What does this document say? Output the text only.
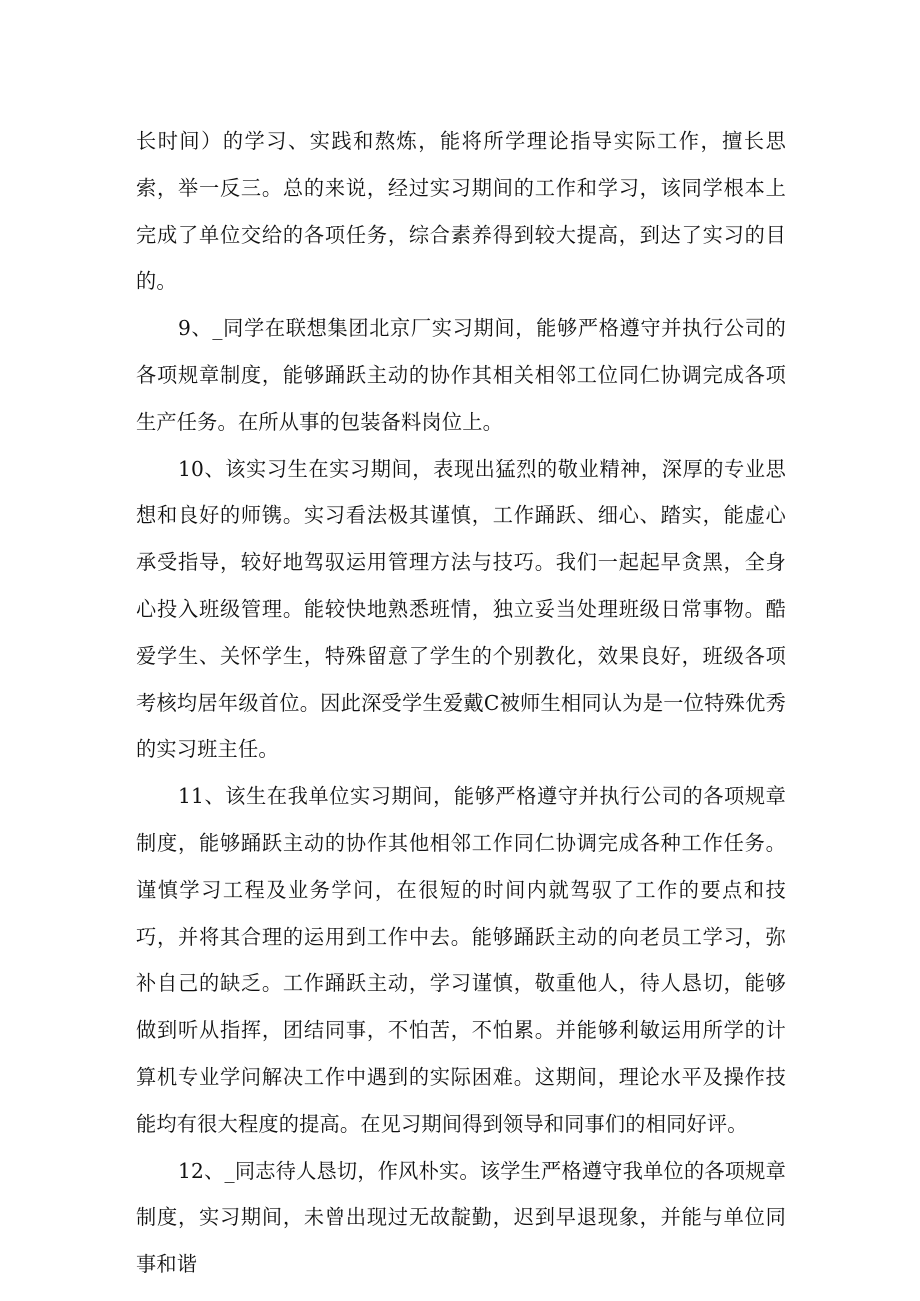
长时间）的学习、实践和熬炼，能将所学理论指导实际工作，擅长思索，举一反三。总的来说，经过实习期间的工作和学习，该同学根本上完成了单位交给的各项任务，综合素养得到较大提高，到达了实习的目的。

9、_同学在联想集团北京厂实习期间，能够严格遵守并执行公司的各项规章制度，能够踊跃主动的协作其相关相邻工位同仁协调完成各项生产任务。在所从事的包装备料岗位上。

10、该实习生在实习期间，表现出猛烈的敬业精神，深厚的专业思想和良好的师镌。实习看法极其谨慎，工作踊跃、细心、踏实，能虚心承受指导，较好地驾驭运用管理方法与技巧。我们一起起早贪黑，全身心投入班级管理。能较快地熟悉班情，独立妥当处理班级日常事物。酷爱学生、关怀学生，特殊留意了学生的个别教化，效果良好，班级各项考核均居年级首位。因此深受学生爱戴C被师生相同认为是一位特殊优秀的实习班主任。

11、该生在我单位实习期间，能够严格遵守并执行公司的各项规章制度，能够踊跃主动的协作其他相邻工作同仁协调完成各种工作任务。谨慎学习工程及业务学问，在很短的时间内就驾驭了工作的要点和技巧，并将其合理的运用到工作中去。能够踊跃主动的向老员工学习，弥补自己的缺乏。工作踊跃主动，学习谨慎，敬重他人，待人恳切，能够做到听从指挥，团结同事，不怕苦，不怕累。并能够利敏运用所学的计算机专业学问解决工作中遇到的实际困难。这期间，理论水平及操作技能均有很大程度的提高。在见习期间得到领导和同事们的相同好评。

12、_同志待人恳切，作风朴实。该学生严格遵守我单位的各项规章制度，实习期间，未曾出现过无故靛勤，迟到早退现象，并能与单位同事和谐
